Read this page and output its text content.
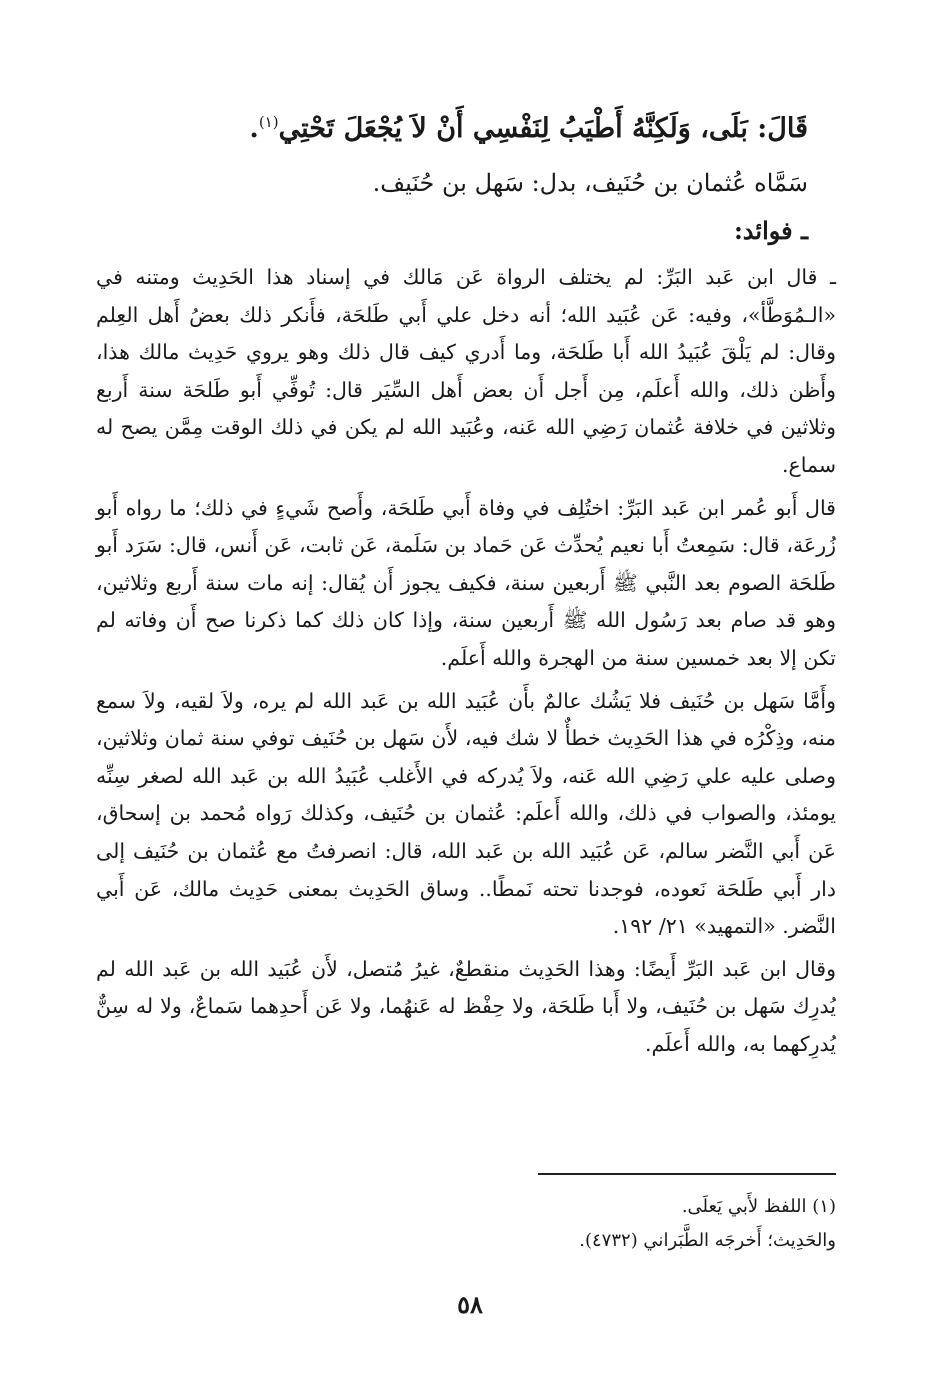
قَالَ: بَلَى، وَلَكِنَّهُ أَطْيَبُ لِنَفْسِي أَنْ لاَ يُجْعَلَ تَحْتِي$^{(١)}$.

سَمَّاه عُثمان بن حُنَيف، بدل: سَهل بن حُنَيف.

ـ فوائد:

ـ قال ابن عَبد البَرِّ: لم يختلف الرواة عَن مَالك في إسناد هذا الحَدِيث ومتنه في «الـمُوَطَّأ»، وفيه: عَن عُبَيد الله؛ أنه دخل علي أَبي طَلحَة، فأَنكر ذلك بعضُ أَهل العِلم وقال: لم يَلْقَ عُبَيدُ الله أَبا طَلحَة، وما أَدري كيف قال ذلك وهو يروي حَدِيث مالك هذا، وأَظن ذلك، والله أَعلَم، مِن أَجل أَن بعض أَهل السِّيَر قال: تُوفِّي أَبو طَلحَة سنة أَربع وثلاثين في خلافة عُثمان رَضِي الله عَنه، وعُبَيد الله لم يكن في ذلك الوقت مِمَّن يصح له سماع.

قال أَبو عُمر ابن عَبد البَرِّ: اختُلِف في وفاة أَبي طَلحَة، وأَصح شَيءٍ في ذلك؛ ما رواه أَبو زُرعَة، قال: سَمِعتُ أَبا نعيم يُحدِّث عَن حَماد بن سَلَمة، عَن ثابت، عَن أَنس، قال: سَرَد أَبو طَلحَة الصوم بعد النَّبي ﷺ أَربعين سنة، فكيف يجوز أَن يُقال: إنه مات سنة أَربع وثلاثين، وهو قد صام بعد رَسُول الله ﷺ أَربعين سنة، وإذا كان ذلك كما ذكرنا صح أَن وفاته لم تكن إلا بعد خمسين سنة من الهجرة والله أَعلَم.

وأَمَّا سَهل بن حُنَيف فلا يَشُك عالمٌ بأَن عُبَيد الله بن عَبد الله لم يره، ولاَ لقيه، ولاَ سمع منه، وذِكْرُه في هذا الحَدِيث خطأٌ لا شك فيه، لأَن سَهل بن حُنَيف توفي سنة ثمان وثلاثين، وصلى عليه علي رَضِي الله عَنه، ولاَ يُدركه في الأَغلب عُبَيدُ الله بن عَبد الله لصغر سِنِّه يومئذ، والصواب في ذلك، والله أَعلَم: عُثمان بن حُنَيف، وكذلك رَواه مُحمد بن إسحاق، عَن أَبي النَّضر سالم، عَن عُبَيد الله بن عَبد الله، قال: انصرفتُ مع عُثمان بن حُنَيف إلى دار أَبي طَلحَة نَعوده، فوجدنا تحته نَمطًا.. وساق الحَدِيث بمعنى حَدِيث مالك، عَن أَبي النَّضر. «التمهيد» ٢١/ ١٩٢.

وقال ابن عَبد البَرِّ أَيضًا: وهذا الحَدِيث منقطعٌ، غيرُ مُتصل، لأَن عُبَيد الله بن عَبد الله لم يُدرِك سَهل بن حُنَيف، ولا أَبا طَلحَة، ولا حِفْظ له عَنهُما، ولا عَن أَحدِهما سَماعٌ، ولا له سِنٌّ يُدرِكهما به، والله أَعلَم.

(١) اللفظ لأَبي يَعلَى.

والحَدِيث؛ أَخرجَه الطَّبَراني (٤٧٣٢).

٥٨
